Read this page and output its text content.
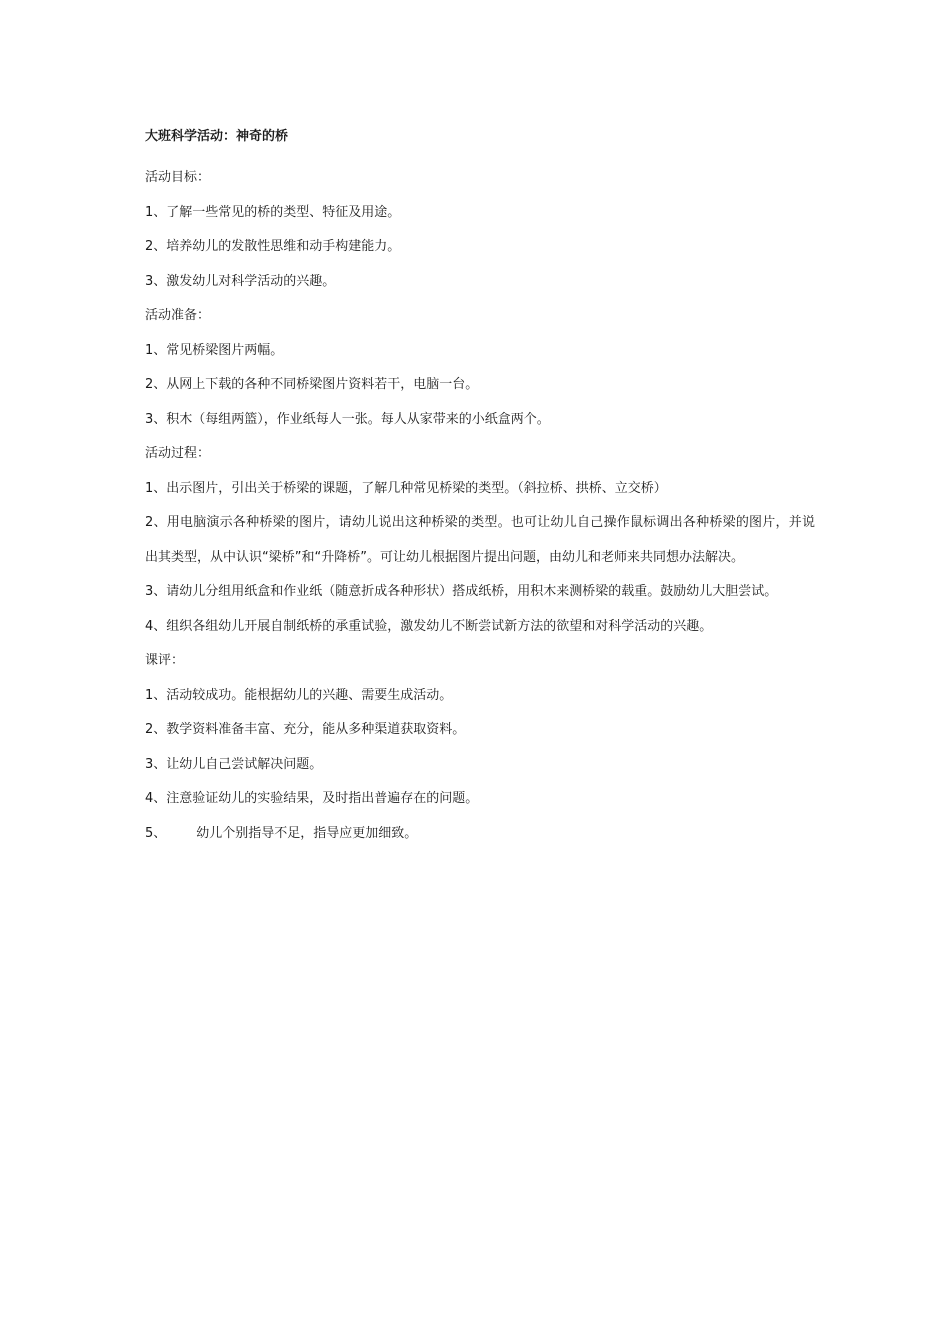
大班科学活动：神奇的桥
活动目标：
1、了解一些常见的桥的类型、特征及用途。
2、培养幼儿的发散性思维和动手构建能力。
3、激发幼儿对科学活动的兴趣。
活动准备：
1、常见桥梁图片两幅。
2、从网上下载的各种不同桥梁图片资料若干，电脑一台。
3、积木（每组两篮），作业纸每人一张。每人从家带来的小纸盒两个。
活动过程：
1、出示图片，引出关于桥梁的课题，了解几种常见桥梁的类型。（斜拉桥、拱桥、立交桥）
2、用电脑演示各种桥梁的图片，请幼儿说出这种桥梁的类型。也可让幼儿自己操作鼠标调出各种桥梁的图片，并说出其类型，从中认识“梁桥”和“升降桥”。可让幼儿根据图片提出问题，由幼儿和老师来共同想办法解决。
3、请幼儿分组用纸盒和作业纸（随意折成各种形状）搭成纸桥，用积木来测桥梁的载重。鼓励幼儿大胆尝试。
4、组织各组幼儿开展自制纸桥的承重试验，激发幼儿不断尝试新方法的欲望和对科学活动的兴趣。
课评：
1、活动较成功。能根据幼儿的兴趣、需要生成活动。
2、教学资料准备丰富、充分，能从多种渠道获取资料。
3、让幼儿自己尝试解决问题。
4、注意验证幼儿的实验结果，及时指出普遍存在的问题。
5、 幼儿个别指导不足，指导应更加细致。
